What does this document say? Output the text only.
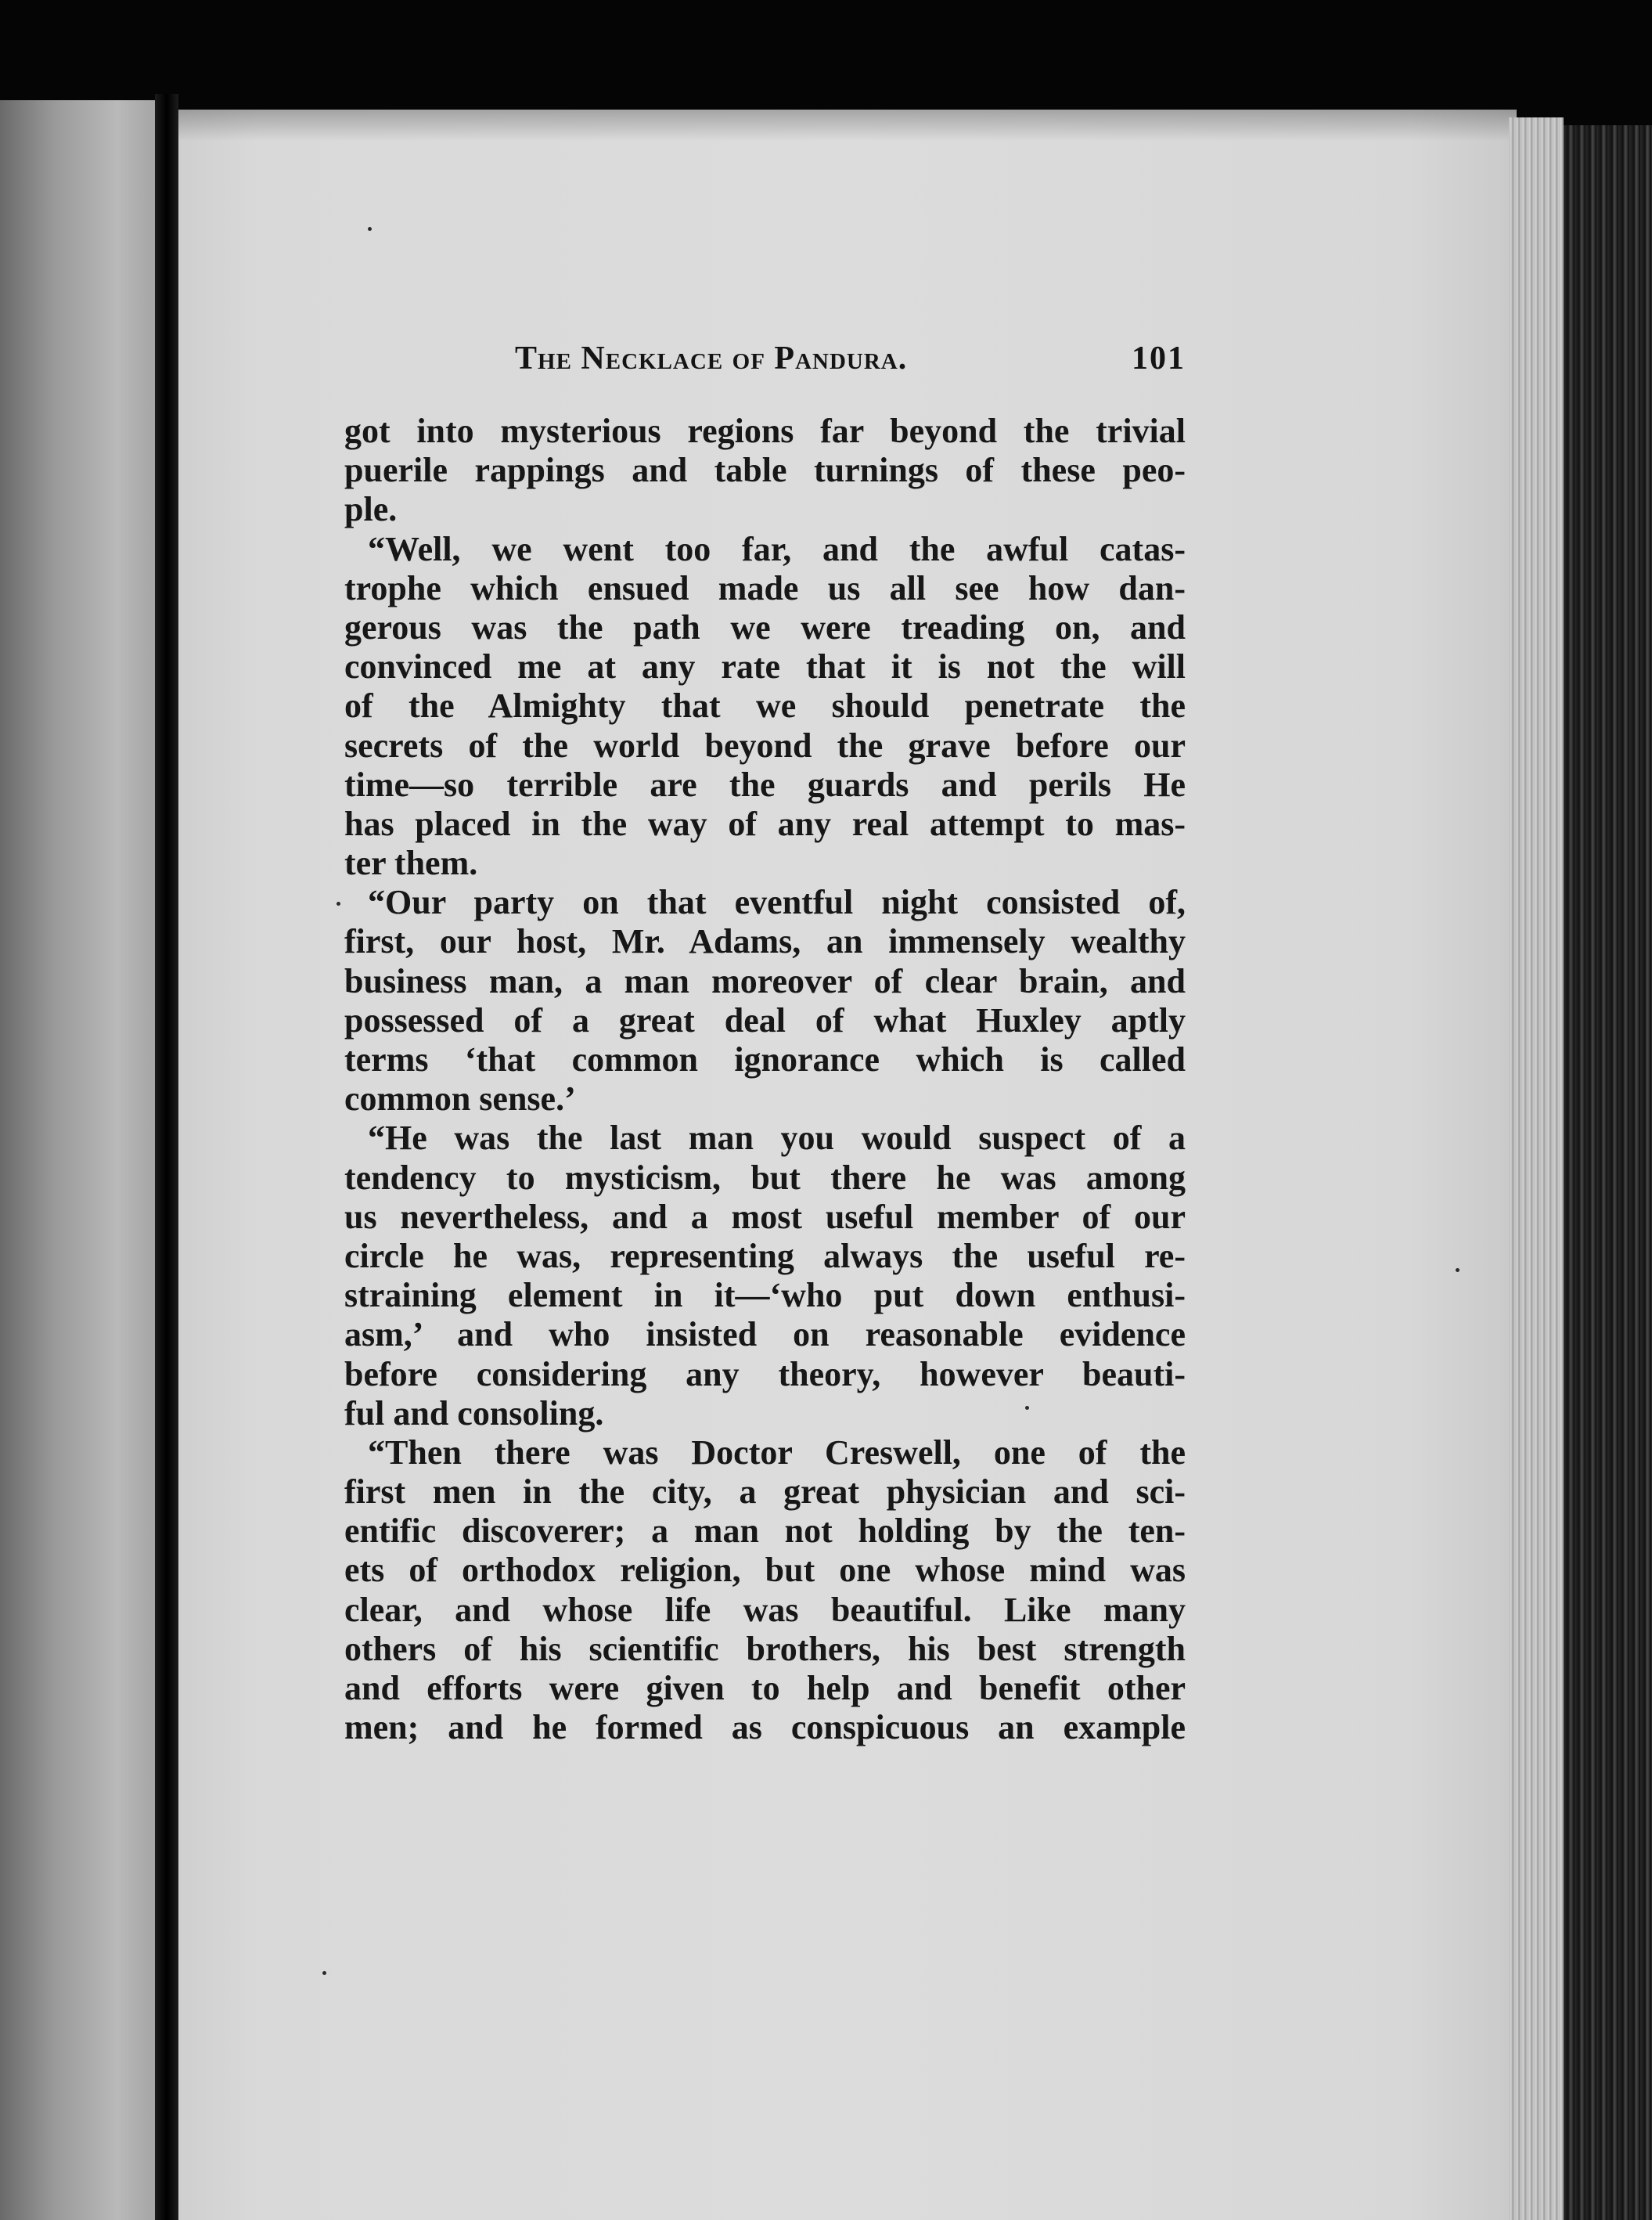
The Necklace of Pandura.	101
got into mysterious regions far beyond the trivial
puerile rappings and table turnings of these peo-
ple.
“Well, we went too far, and the awful catas-
trophe which ensued made us all see how dan-
gerous was the path we were treading on, and
convinced me at any rate that it is not the will
of the Almighty that we should penetrate the
secrets of the world beyond the grave before our
time—so terrible are the guards and perils He
has placed in the way of any real attempt to mas-
ter them.
“Our party on that eventful night consisted of,
first, our host, Mr. Adams, an immensely wealthy
business man, a man moreover of clear brain, and
possessed of a great deal of what Huxley aptly
terms ‘that common ignorance which is called
common sense.’
“He was the last man you would suspect of a
tendency to mysticism, but there he was among
us nevertheless, and a most useful member of our
circle he was, representing always the useful re-
straining element in it—‘who put down enthusi-
asm,’ and who insisted on reasonable evidence
before considering any theory, however beauti-
ful and consoling.
“Then there was Doctor Creswell, one of the
first men in the city, a great physician and sci-
entific discoverer; a man not holding by the ten-
ets of orthodox religion, but one whose mind was
clear, and whose life was beautiful. Like many
others of his scientific brothers, his best strength
and efforts were given to help and benefit other
men; and he formed as conspicuous an example
